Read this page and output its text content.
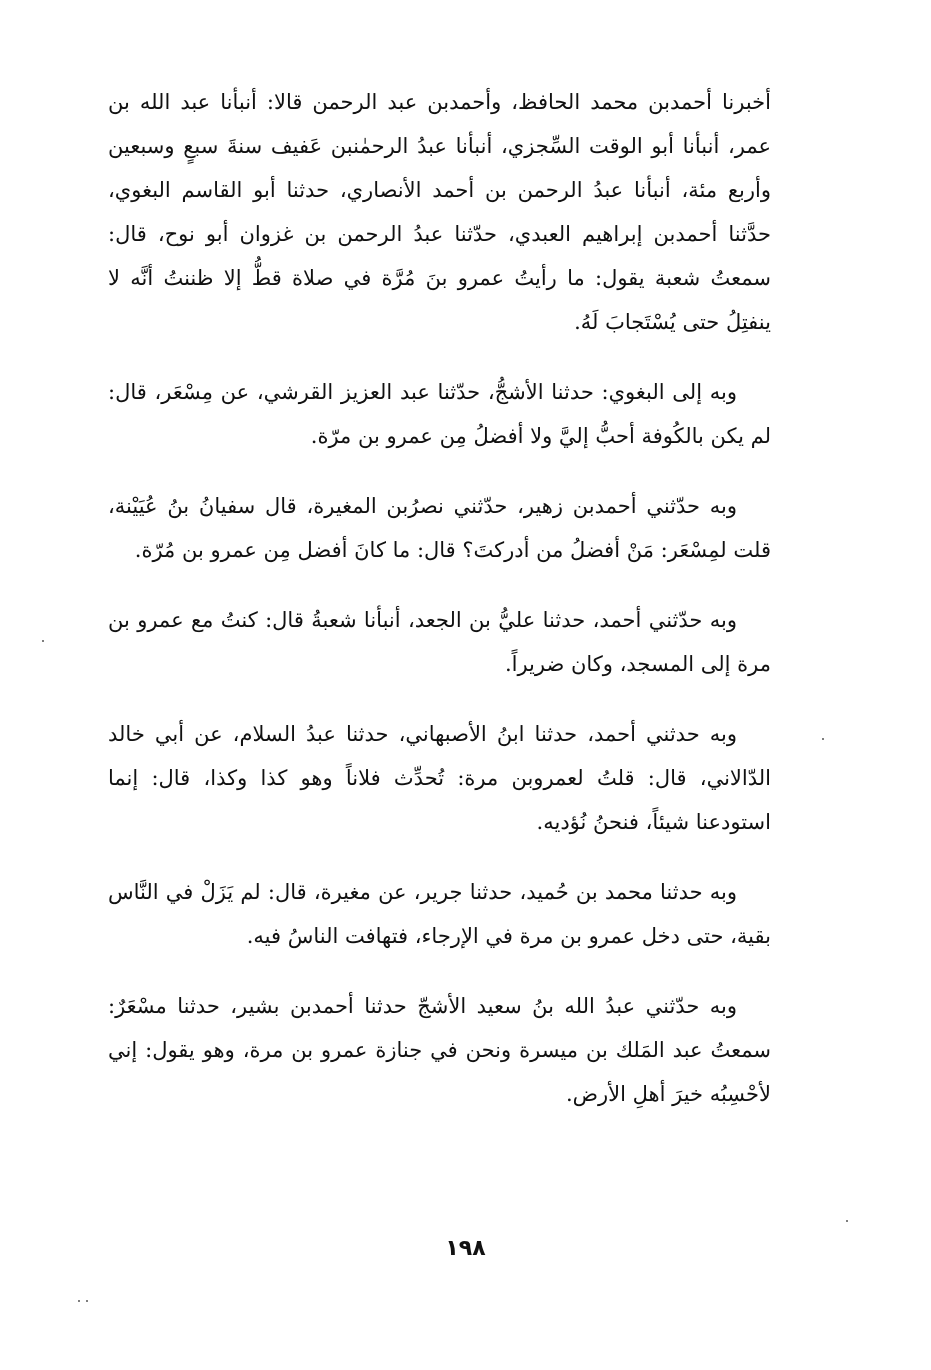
أخبرنا أحمدبن محمد الحافظ، وأحمدبن عبد الرحمن قالا: أنبأنا عبد الله بن عمر، أنبأنا أبو الوقت السِّجزي، أنبأنا عبدُ الرحمٰنبن عَفيف سنةَ سبعٍ وسبعين وأربع مئة، أنبأنا عبدُ الرحمن بن أحمد الأنصاري، حدثنا أبو القاسم البغوي، حدَّثنا أحمدبن إبراهيم العبدي، حدّثنا عبدُ الرحمن بن غزوان أبو نوح، قال: سمعتُ شعبة يقول: ما رأيتُ عمرو بنَ مُرَّة في صلاة قطُّ إلا ظننتُ أنَّه لا ينفتِلُ حتى يُسْتَجابَ لَهُ.

وبه إلى البغوي: حدثنا الأشجُّ، حدّثنا عبد العزيز القرشي، عن مِسْعَر، قال: لم يكن بالكُوفة أحبُّ إليَّ ولا أفضلُ مِن عمرو بن مرّة.

وبه حدّثني أحمدبن زهير، حدّثني نصرُبن المغيرة، قال سفيانُ بنُ عُيَيْنة، قلت لمِسْعَر: مَنْ أفضلُ من أدركتَ؟ قال: ما كانَ أفضل مِن عمرو بن مُرّة.

وبه حدّثني أحمد، حدثنا عليُّ بن الجعد، أنبأنا شعبةُ قال: كنتُ مع عمرو بن مرة إلى المسجد، وكان ضريراً.

وبه حدثني أحمد، حدثنا ابنُ الأصبهاني، حدثنا عبدُ السلام، عن أبي خالد الدّالاني، قال: قلتُ لعمروبن مرة: تُحدِّث فلاناً وهو كذا وكذا، قال: إنما استودعنا شيئاً، فنحنُ نُؤديه.

وبه حدثنا محمد بن حُميد، حدثنا جرير، عن مغيرة، قال: لم يَزَلْ في النَّاس بقية، حتى دخل عمرو بن مرة في الإرجاء، فتهافت الناسُ فيه.

وبه حدّثني عبدُ الله بنُ سعيد الأشجّ حدثنا أحمدبن بشير، حدثنا مسْعَرٌ: سمعتُ عبد المَلك بن ميسرة ونحن في جنازة عمرو بن مرة، وهو يقول: إني لأحْسِبُه خيرَ أهلِ الأرض.

١٩٨
